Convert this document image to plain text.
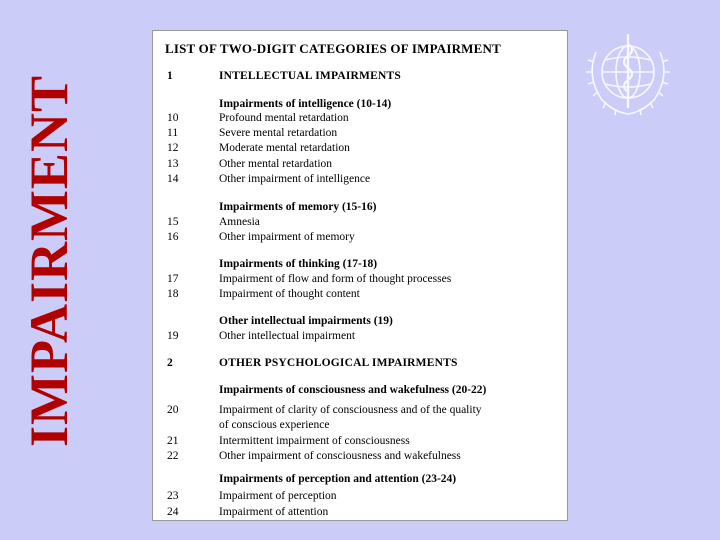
IMPAIRMENT
LIST OF TWO-DIGIT CATEGORIES OF IMPAIRMENT
1	INTELLECTUAL IMPAIRMENTS
Impairments of intelligence (10-14)
10	Profound mental retardation
11	Severe mental retardation
12	Moderate mental retardation
13	Other mental retardation
14	Other impairment of intelligence
Impairments of memory (15-16)
15	Amnesia
16	Other impairment of memory
Impairments of thinking (17-18)
17	Impairment of flow and form of thought processes
18	Impairment of thought content
Other intellectual impairments (19)
19	Other intellectual impairment
2	OTHER PSYCHOLOGICAL IMPAIRMENTS
Impairments of consciousness and wakefulness (20-22)
20	Impairment of clarity of consciousness and of the quality
of conscious experience
21	Intermittent impairment of consciousness
22	Other impairment of consciousness and wakefulness
Impairments of perception and attention (23-24)
23	Impairment of perception
24	Impairment of attention
